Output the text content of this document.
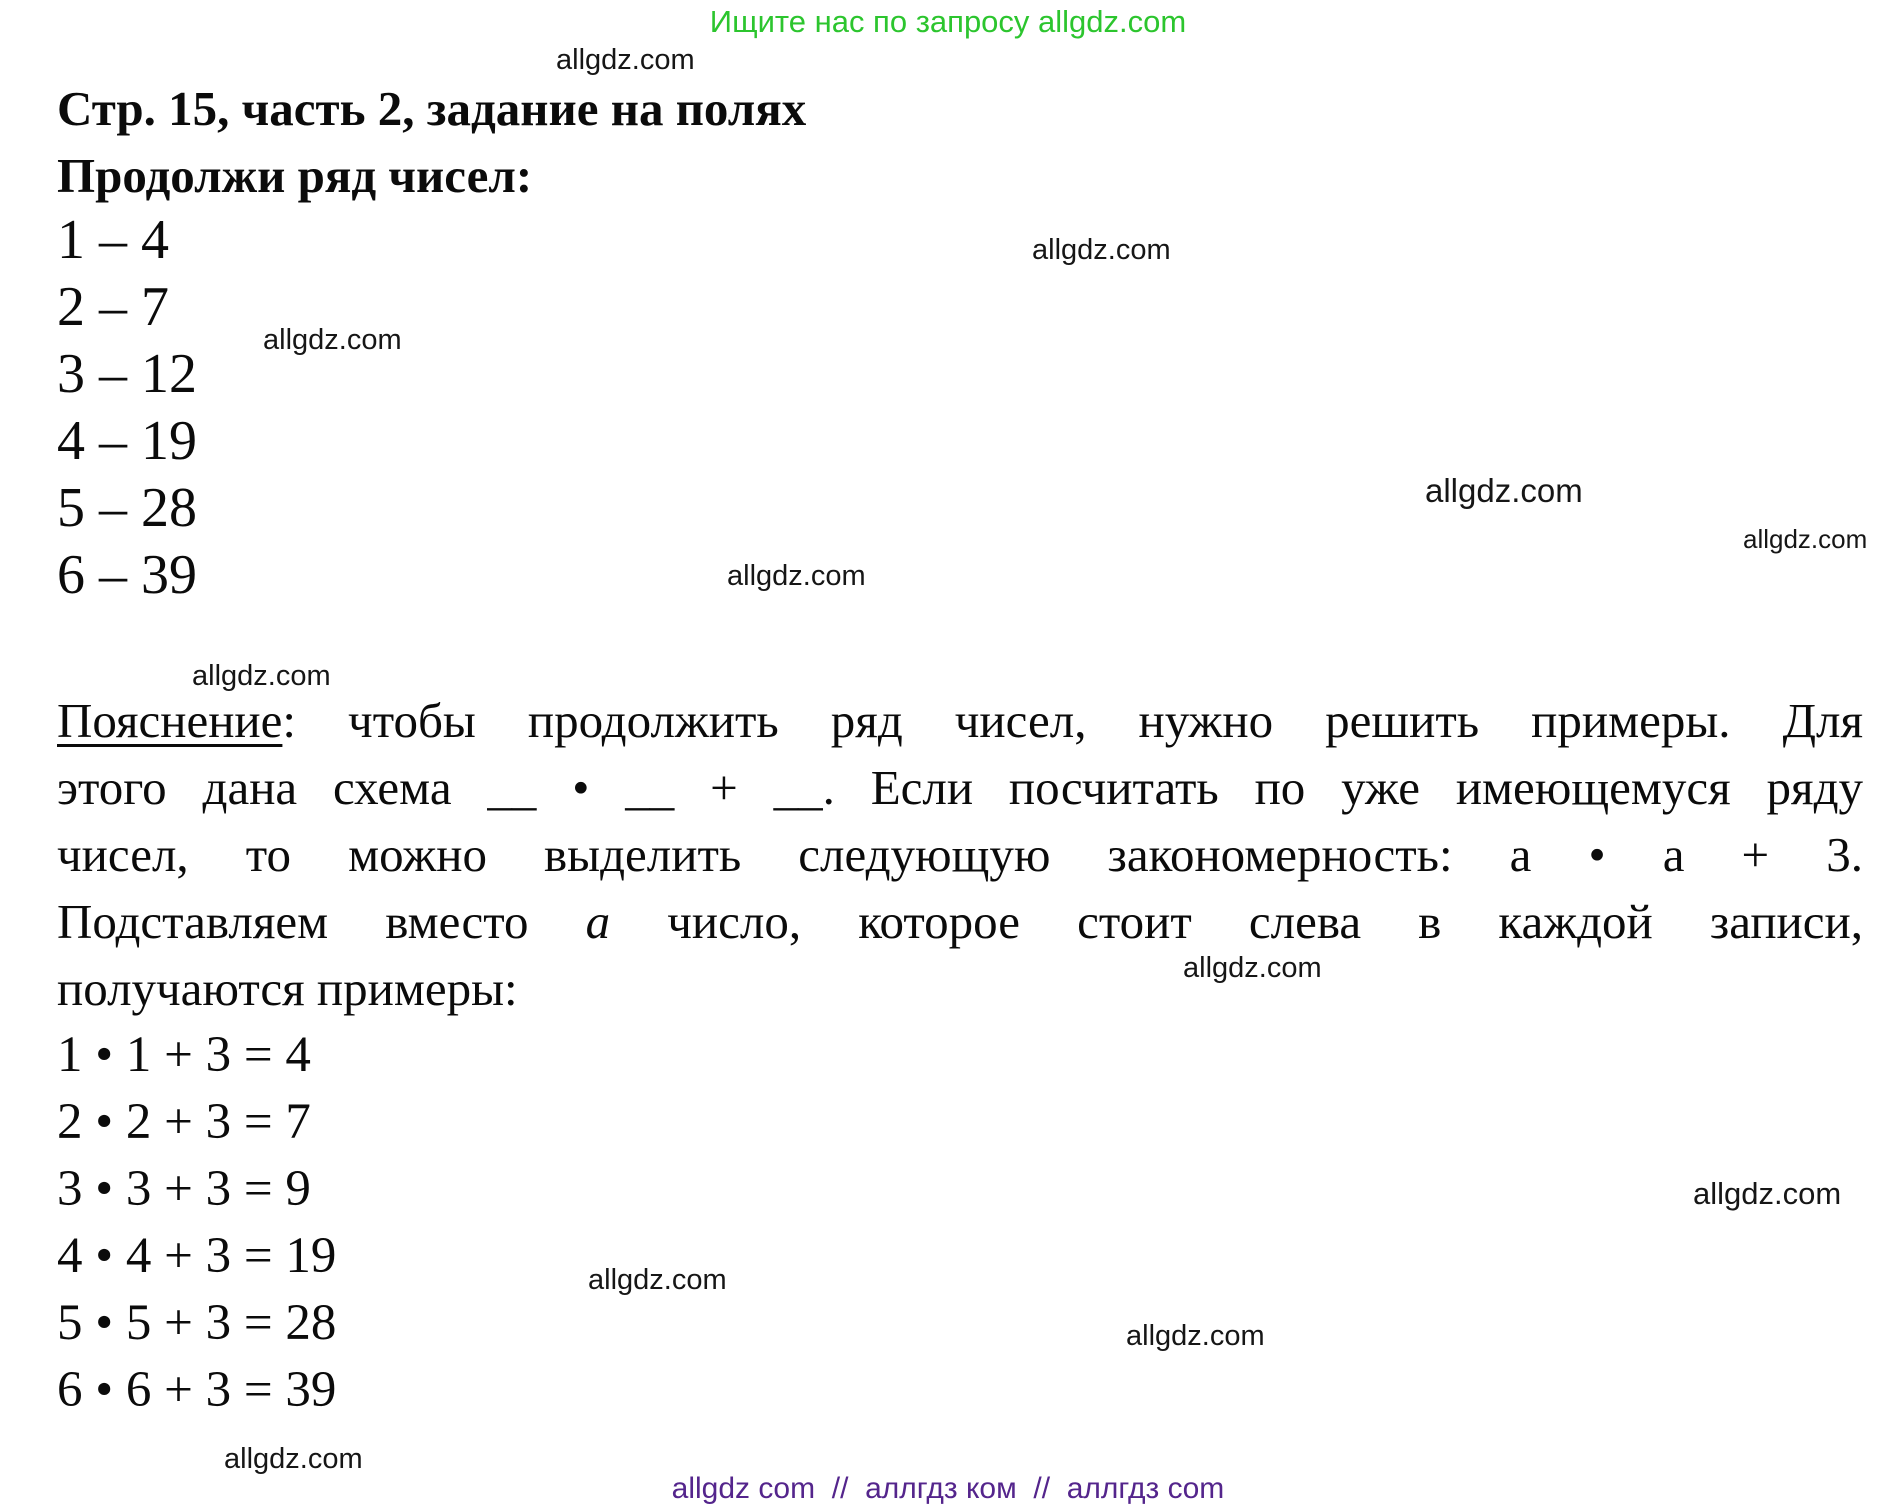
Ищите нас по запросу allgdz.com
allgdz.com
allgdz.com
allgdz.com
allgdz.com
allgdz.com
allgdz.com
allgdz.com
allgdz.com
allgdz.com
allgdz.com
allgdz.com
allgdz.com
Стр. 15, часть 2, задание на полях
Продолжи ряд чисел:
1 – 4
2 – 7
3 – 12
4 – 19
5 – 28
6 – 39
Пояснение: чтобы продолжить ряд чисел, нужно решить примеры. Для
этого дана схема __ • __ + __. Если посчитать по уже имеющемуся ряду
чисел, то можно выделить следующую закономерность: а • а + 3.
Подставляем вместо а число, которое стоит слева в каждой записи,
получаются примеры:
1 • 1 + 3 = 4
2 • 2 + 3 = 7
3 • 3 + 3 = 9
4 • 4 + 3 = 19
5 • 5 + 3 = 28
6 • 6 + 3 = 39
allgdz com  //  аллгдз ком  //  аллгдз com
